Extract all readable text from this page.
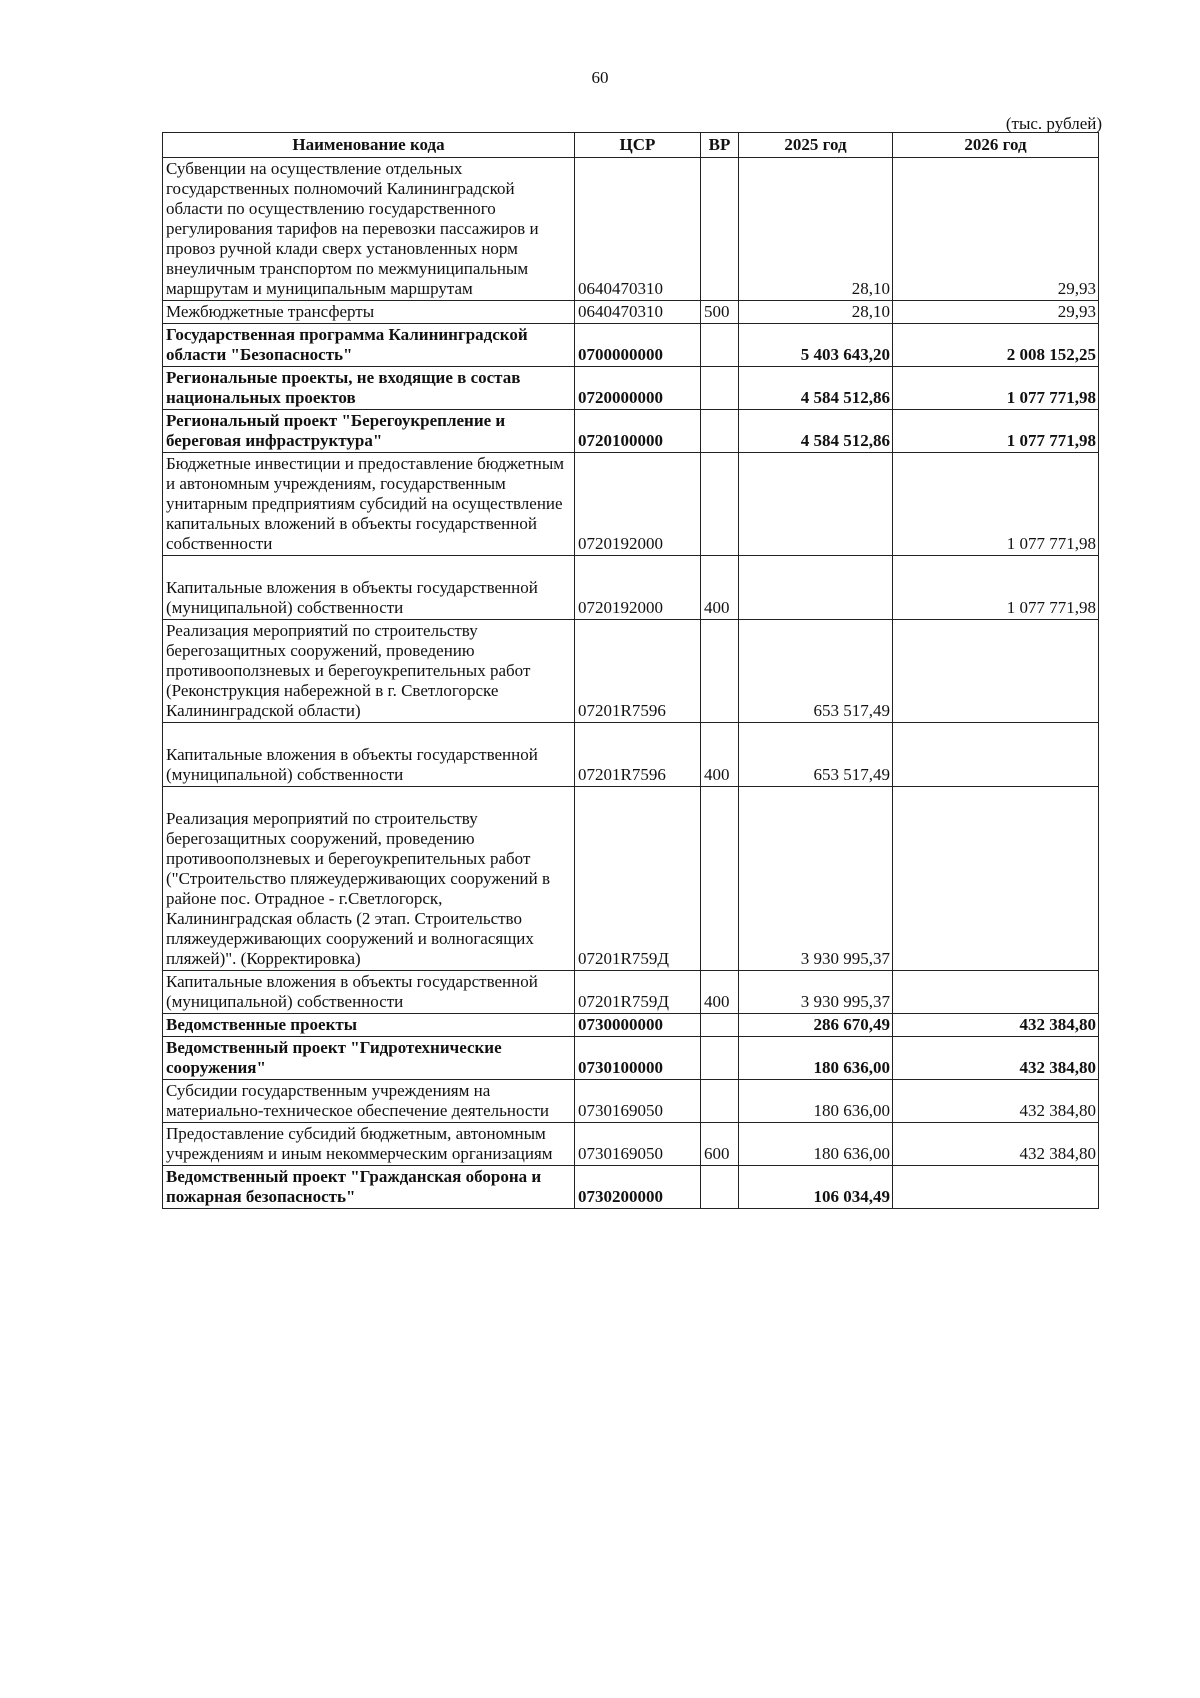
60
(тыс. рублей)
Наименование кода	ЦСР	ВР	2025 год	2026 год
Субвенции на осуществление отдельных государственных полномочий Калининградской области по осуществлению государственного регулирования тарифов на перевозки пассажиров и провоз ручной клади сверх установленных норм внеуличным транспортом по межмуниципальным маршрутам и муниципальным маршрутам	0640470310		28,10	29,93
Межбюджетные трансферты	0640470310	500	28,10	29,93
Государственная программа Калининградской области "Безопасность"	0700000000		5 403 643,20	2 008 152,25
Региональные проекты, не входящие в состав национальных проектов	0720000000		4 584 512,86	1 077 771,98
Региональный проект "Берегоукрепление и береговая инфраструктура"	0720100000		4 584 512,86	1 077 771,98
Бюджетные инвестиции и предоставление бюджетным и автономным учреждениям, государственным унитарным предприятиям субсидий на осуществление капитальных вложений в объекты государственной собственности	0720192000			1 077 771,98
Капитальные вложения в объекты государственной (муниципальной) собственности	0720192000	400		1 077 771,98
Реализация мероприятий по строительству берегозащитных сооружений, проведению противооползневых и берегоукрепительных работ (Реконструкция набережной в г. Светлогорске Калининградской области)	07201R7596		653 517,49	
Капитальные вложения в объекты государственной (муниципальной) собственности	07201R7596	400	653 517,49	
Реализация мероприятий по строительству берегозащитных сооружений, проведению противооползневых и берегоукрепительных работ ("Строительство пляжеудерживающих сооружений в районе пос. Отрадное - г.Светлогорск, Калининградская область (2 этап. Строительство пляжеудерживающих сооружений и волногасящих пляжей)". (Корректировка)	07201R759Д		3 930 995,37	
Капитальные вложения в объекты государственной (муниципальной) собственности	07201R759Д	400	3 930 995,37	
Ведомственные проекты	0730000000		286 670,49	432 384,80
Ведомственный проект "Гидротехнические сооружения"	0730100000		180 636,00	432 384,80
Субсидии государственным учреждениям на материально-техническое обеспечение деятельности	0730169050		180 636,00	432 384,80
Предоставление субсидий бюджетным, автономным учреждениям и иным некоммерческим организациям	0730169050	600	180 636,00	432 384,80
Ведомственный проект "Гражданская оборона и пожарная безопасность"	0730200000		106 034,49	
